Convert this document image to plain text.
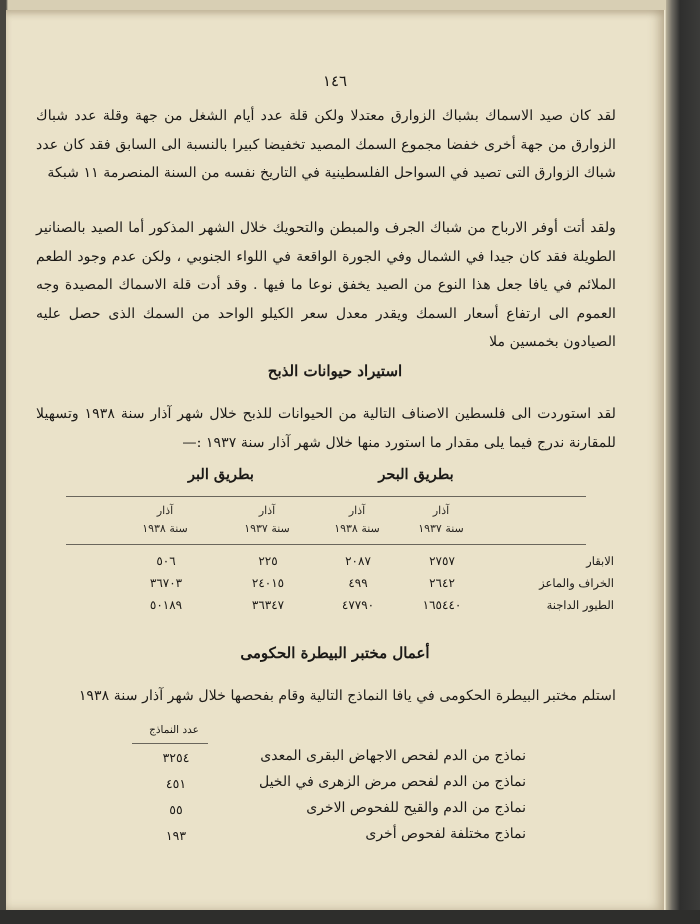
١٤٦

لقد كان صيد الاسماك بشباك الزوارق معتدلا ولكن قلة عدد أيام الشغل من جهة وقلة عدد شباك الزوارق من جهة أخرى خفضا مجموع السمك المصيد تخفيضا كبيرا بالنسبة الى السابق فقد كان عدد شباك الزوارق التى تصيد في السواحل الفلسطينية في التاريخ نفسه من السنة المنصرمة ١١ شبكة

ولقد أتت أوفر الارباح من شباك الجرف والمبطن والتحويك خلال الشهر المذكور أما الصيد بالصنانير الطويلة فقد كان جيدا في الشمال وفي الجورة الواقعة في اللواء الجنوبي ، ولكن عدم وجود الطعم الملائم في يافا جعل هذا النوع من الصيد يخفق نوعا ما فيها . وقد أدت قلة الاسماك المصيدة وجه العموم الى ارتفاع أسعار السمك ويقدر معدل سعر الكيلو الواحد من السمك الذى حصل عليه الصيادون بخمسين ملا

استيراد حيوانات الذبح

لقد استوردت الى فلسطين الاصناف التالية من الحيوانات للذبح خلال شهر آذار سنة ١٩٣٨ وتسهيلا للمقارنة ندرج فيما يلى مقدار ما استورد منها خلال شهر آذار سنة ١٩٣٧ :—

بطريق البحر
بطريق البر
آذار
سنة ١٩٣٧
آذار
سنة ١٩٣٨
آذار
سنة ١٩٣٧
آذار
سنة ١٩٣٨
الابقار
٢٧٥٧
٢٠٨٧
٢٢٥
٥٠٦
الخراف والماعز
٢٦٤٢
٤٩٩
٢٤٠١٥
٣٦٧٠٣
الطيور الداجنة
١٦٥٤٤٠
٤٧٧٩٠
٣٦٣٤٧
٥٠١٨٩
أعمال مختبر البيطرة الحكومى

استلم مختبر البيطرة الحكومى في يافا النماذج التالية وقام بفحصها خلال شهر آذار سنة ١٩٣٨

عدد النماذج
نماذج من الدم لفحص الاجهاض البقرى المعدى
٣٢٥٤
نماذج من الدم لفحص مرض الزهرى في الخيل
٤٥١
نماذج من الدم والقيح للفحوص الاخرى
٥٥
نماذج مختلفة لفحوص أخرى
١٩٣
